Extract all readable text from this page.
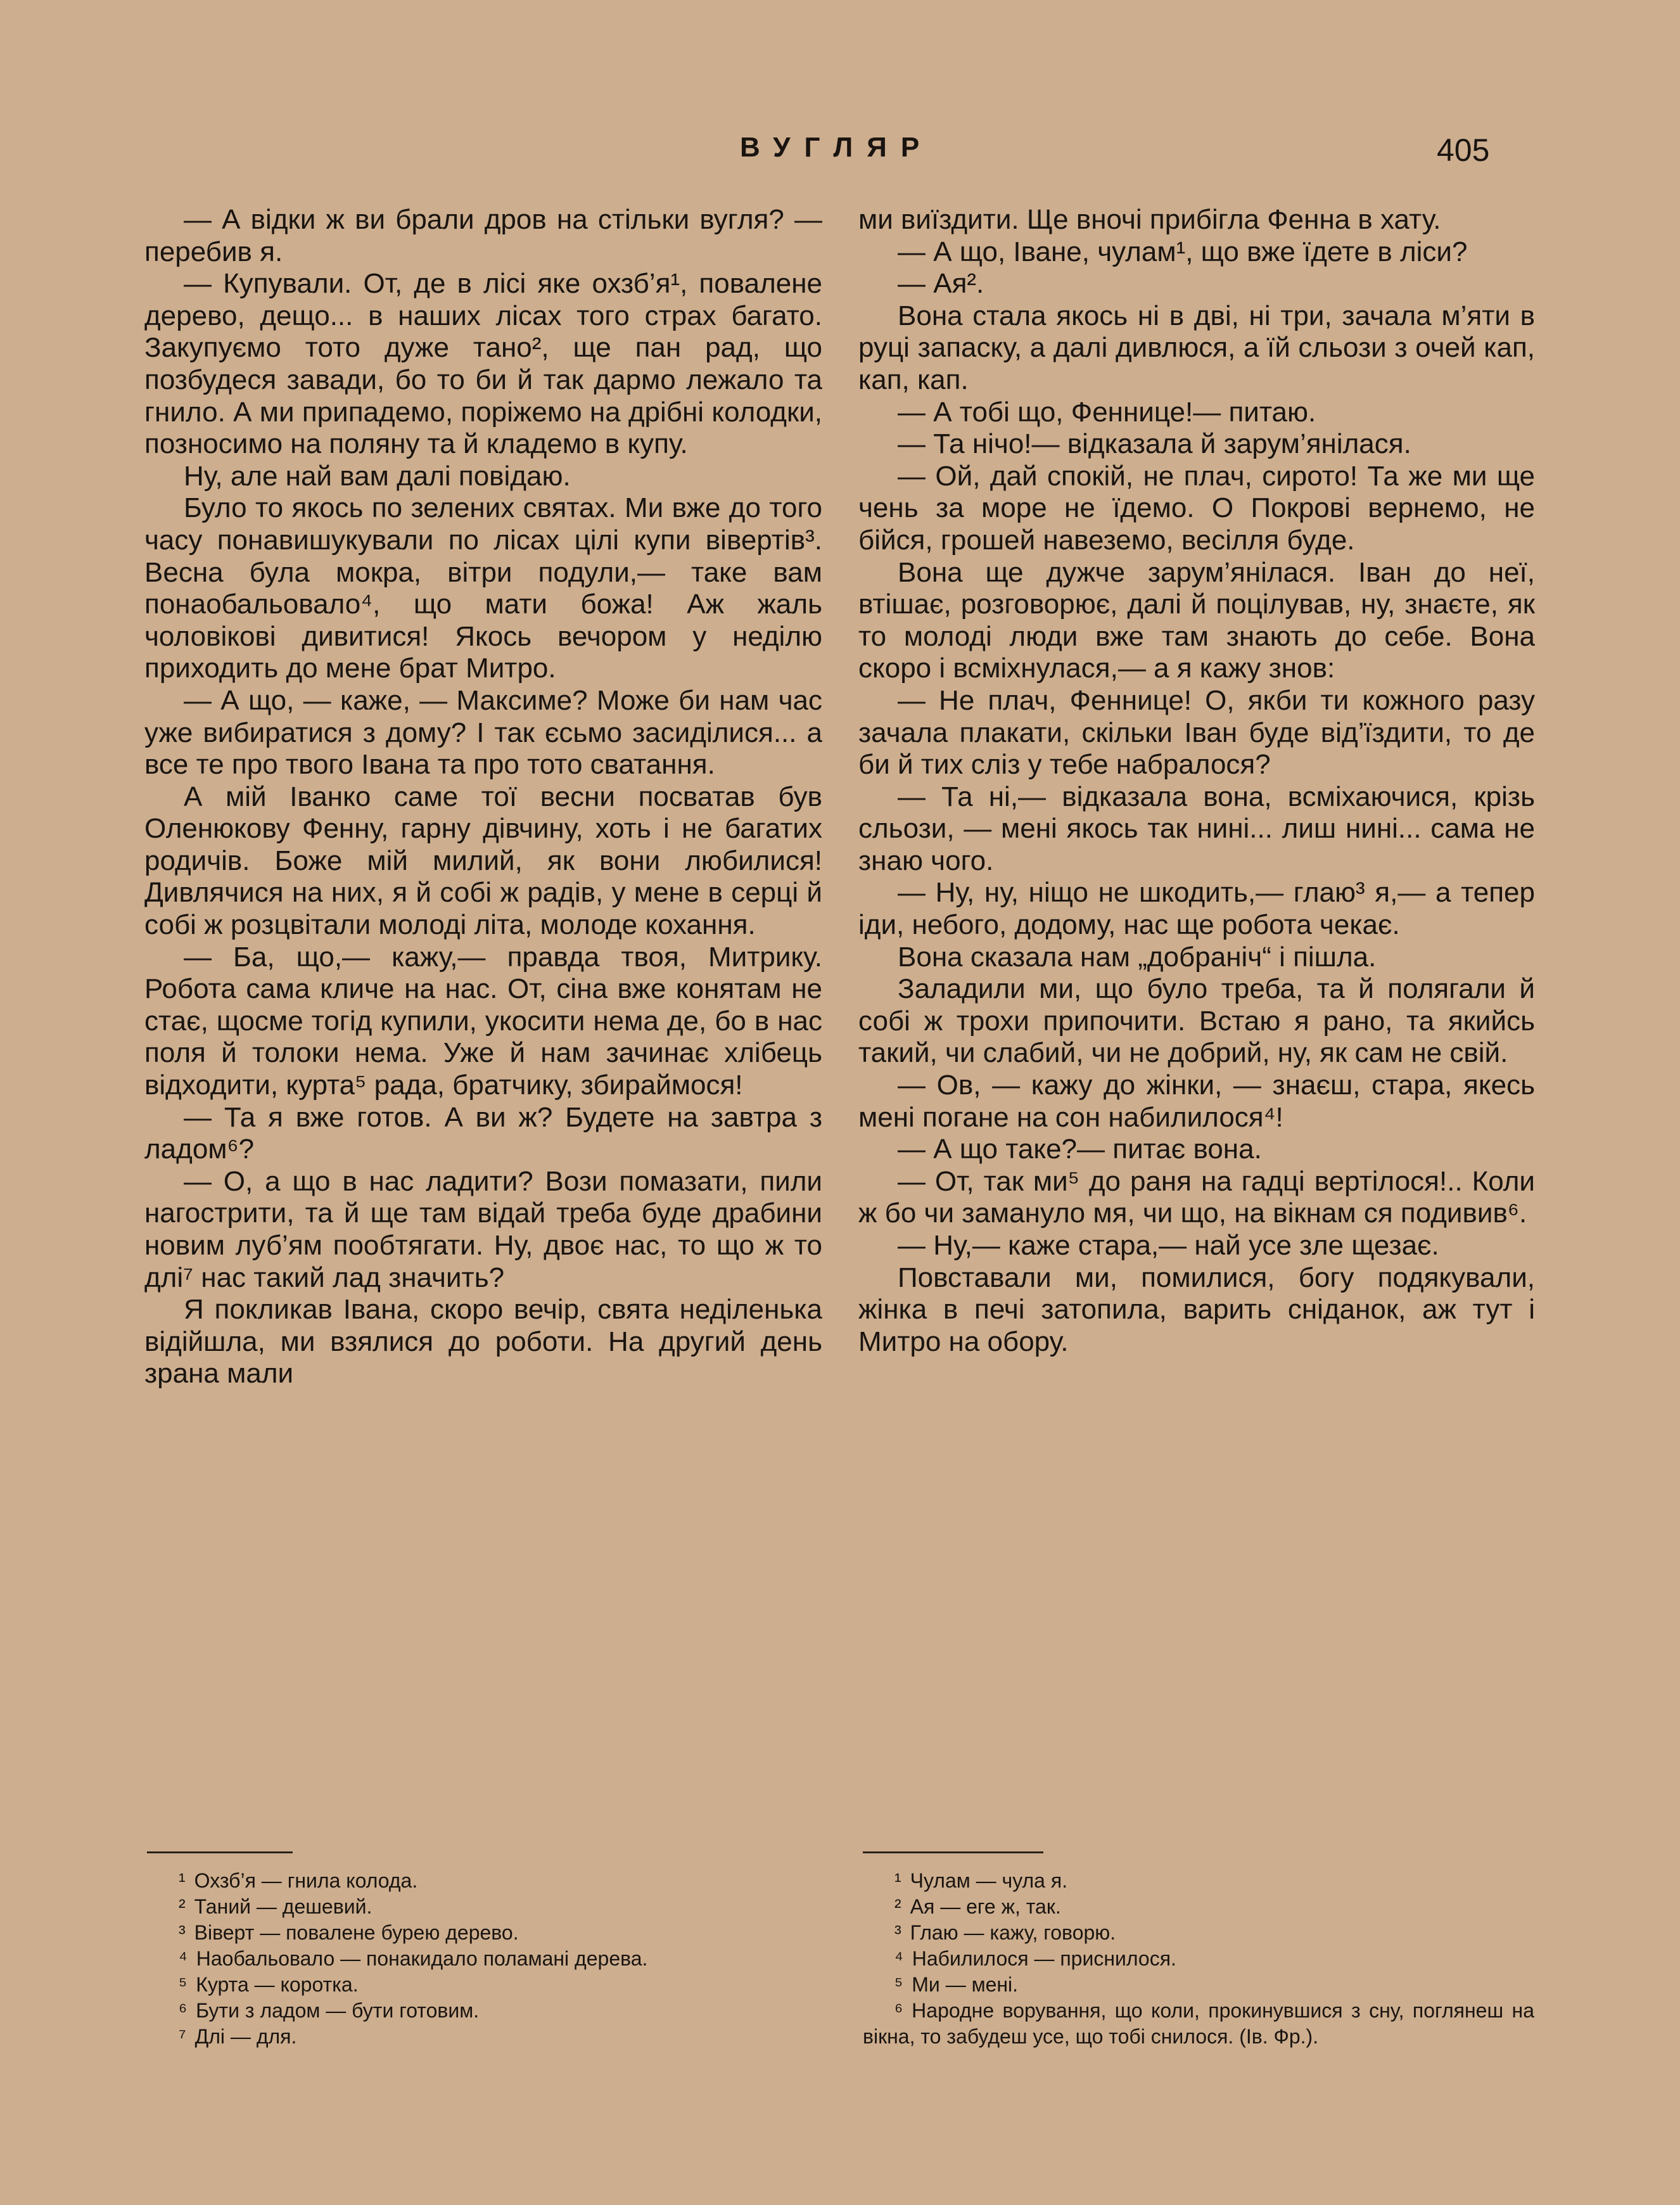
ВУГЛЯР	405

— А відки ж ви брали дров на стільки вугля? — перебив я.

— Купували. От, де в лісі яке охзб’я¹, повалене дерево, дещо... в наших лісах того страх багато. Закупуємо тото дуже тано², ще пан рад, що позбудеся завади, бо то би й так дармо лежало та гнило. А ми припадемо, поріжемо на дрібні колодки, позносимо на поляну та й кладемо в купу.

Ну, але най вам далі повідаю.

Було то якось по зелених святах. Ми вже до того часу понавишукували по лісах цілі купи вівертів³. Весна була мокра, вітри подули,— таке вам понаобальовало⁴, що мати божа! Аж жаль чоловікові дивитися! Якось вечором у неділю приходить до мене брат Митро.

— А що, — каже, — Максиме? Може би нам час уже вибиратися з дому? І так єсьмо засиділися... а все те про твого Івана та про тото сватання.

А мій Іванко саме тої весни посватав був Оленюкову Фенну, гарну дівчину, хоть і не багатих родичів. Боже мій милий, як вони любилися! Дивлячися на них, я й собі ж радів, у мене в серці й собі ж розцвітали молоді літа, молоде кохання.

— Ба, що,— кажу,— правда твоя, Митрику. Робота сама кличе на нас. От, сіна вже конятам не стає, щосме тогід купили, укосити нема де, бо в нас поля й толоки нема. Уже й нам зачинає хлібець відходити, курта⁵ рада, братчику, збираймося!

— Та я вже готов. А ви ж? Будете на завтра з ладом⁶?

— О, а що в нас ладити? Вози помазати, пили нагострити, та й ще там відай треба буде драбини новим луб’ям пообтягати. Ну, двоє нас, то що ж то длі⁷ нас такий лад значить?

Я покликав Івана, скоро вечір, свята неділенька відійшла, ми взялися до роботи. На другий день зрана мали

ми виїздити. Ще вночі прибігла Фенна в хату.

— А що, Іване, чулам¹, що вже їдете в ліси?

— Ая².

Вона стала якось ні в дві, ні три, зачала м’яти в руці запаску, а далі дивлюся, а їй сльози з очей кап, кап, кап.

— А тобі що, Феннице!— питаю.

— Та нічо!— відказала й зарум’янілася.

— Ой, дай спокій, не плач, сирото! Та же ми ще чень за море не їдемо. О Покрові вернемо, не бійся, грошей навеземо, весілля буде.

Вона ще дужче зарум’янілася. Іван до неї, втішає, розговорює, далі й поцілував, ну, знаєте, як то молоді люди вже там знають до себе. Вона скоро і всміхнулася,— а я кажу знов:

— Не плач, Феннице! О, якби ти кожного разу зачала плакати, скільки Іван буде від’їздити, то де би й тих сліз у тебе набралося?

— Та ні,— відказала вона, всміхаючися, крізь сльози, — мені якось так нині... лиш нині... сама не знаю чого.

— Ну, ну, ніщо не шкодить,— глаю³ я,— а тепер іди, небого, додому, нас ще робота чекає.

Вона сказала нам „добраніч“ і пішла.

Заладили ми, що було треба, та й полягали й собі ж трохи припочити. Встаю я рано, та якийсь такий, чи слабий, чи не добрий, ну, як сам не свій.

— Ов, — кажу до жінки, — знаєш, стара, якесь мені погане на сон набилилося⁴!

— А що таке?— питає вона.

— От, так ми⁵ до раня на гадці вертілося!.. Коли ж бо чи заманулo мя, чи що, на вікнам ся подивив⁶.

— Ну,— каже стара,— най усе зле щезає.

Повставали ми, помилися, богу подякували, жінка в печі затопила, варить сніданок, аж тут і Митро на обору.

¹ Охзб’я — гнила колода.
² Таний — дешевий.
³ Віверт — повалене бурею дерево.
⁴ Наобальовало — понакидало поламані дерева.
⁵ Курта — коротка.
⁶ Бути з ладом — бути готовим.
⁷ Длі — для.
¹ Чулам — чула я.
² Ая — еге ж, так.
³ Глаю — кажу, говорю.
⁴ Набилилося — приснилося.
⁵ Ми — мені.
⁶ Народне ворування, що коли, прокинувшися з сну, поглянеш на вікна, то забудеш усе, що тобі снилося. (Ів. Фр.).
